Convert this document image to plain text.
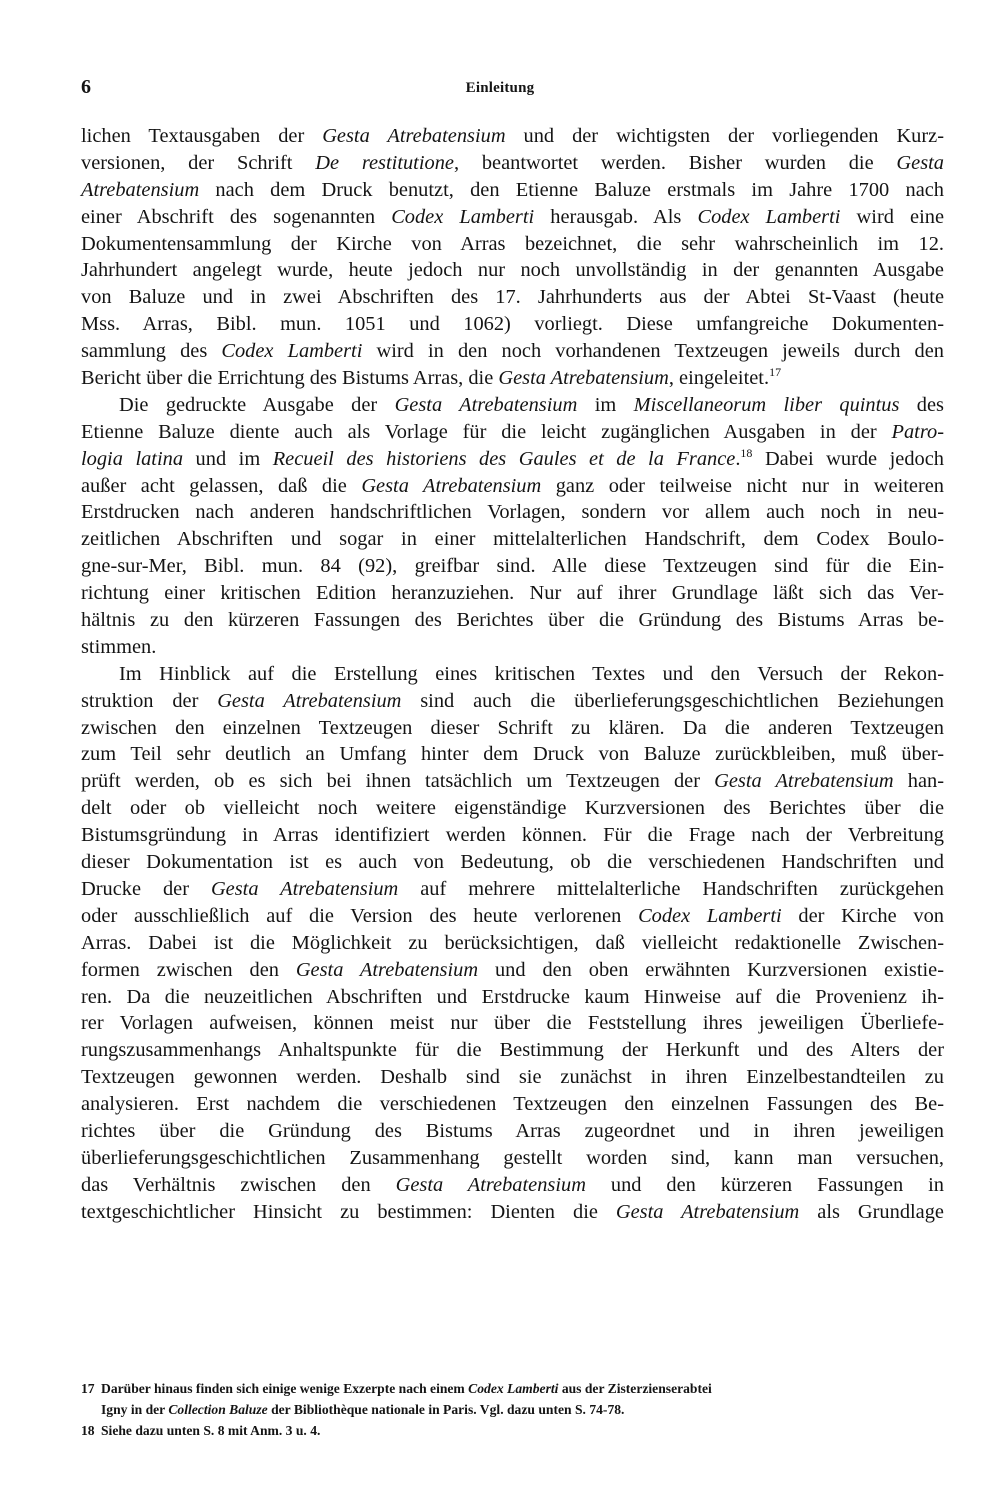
6	Einleitung
lichen Textausgaben der Gesta Atrebatensium und der wichtigsten der vorliegenden Kurz-
versionen, der Schrift De restitutione, beantwortet werden. Bisher wurden die Gesta
Atrebatensium nach dem Druck benutzt, den Etienne Baluze erstmals im Jahre 1700 nach
einer Abschrift des sogenannten Codex Lamberti herausgab. Als Codex Lamberti wird eine
Dokumentensammlung der Kirche von Arras bezeichnet, die sehr wahrscheinlich im 12.
Jahrhundert angelegt wurde, heute jedoch nur noch unvollständig in der genannten Ausgabe
von Baluze und in zwei Abschriften des 17. Jahrhunderts aus der Abtei St-Vaast (heute
Mss. Arras, Bibl. mun. 1051 und 1062) vorliegt. Diese umfangreiche Dokumenten-
sammlung des Codex Lamberti wird in den noch vorhandenen Textzeugen jeweils durch den
Bericht über die Errichtung des Bistums Arras, die Gesta Atrebatensium, eingeleitet.$^{17}$
Die gedruckte Ausgabe der Gesta Atrebatensium im Miscellaneorum liber quintus des
Etienne Baluze diente auch als Vorlage für die leicht zugänglichen Ausgaben in der Patro-
logia latina und im Recueil des historiens des Gaules et de la France.$^{18}$ Dabei wurde jedoch
außer acht gelassen, daß die Gesta Atrebatensium ganz oder teilweise nicht nur in weiteren
Erstdrucken nach anderen handschriftlichen Vorlagen, sondern vor allem auch noch in neu-
zeitlichen Abschriften und sogar in einer mittelalterlichen Handschrift, dem Codex Boulo-
gne-sur-Mer, Bibl. mun. 84 (92), greifbar sind. Alle diese Textzeugen sind für die Ein-
richtung einer kritischen Edition heranzuziehen. Nur auf ihrer Grundlage läßt sich das Ver-
hältnis zu den kürzeren Fassungen des Berichtes über die Gründung des Bistums Arras be-
stimmen.
Im Hinblick auf die Erstellung eines kritischen Textes und den Versuch der Rekon-
struktion der Gesta Atrebatensium sind auch die überlieferungsgeschichtlichen Beziehungen
zwischen den einzelnen Textzeugen dieser Schrift zu klären. Da die anderen Textzeugen
zum Teil sehr deutlich an Umfang hinter dem Druck von Baluze zurückbleiben, muß über-
prüft werden, ob es sich bei ihnen tatsächlich um Textzeugen der Gesta Atrebatensium han-
delt oder ob vielleicht noch weitere eigenständige Kurzversionen des Berichtes über die
Bistumsgründung in Arras identifiziert werden können. Für die Frage nach der Verbreitung
dieser Dokumentation ist es auch von Bedeutung, ob die verschiedenen Handschriften und
Drucke der Gesta Atrebatensium auf mehrere mittelalterliche Handschriften zurückgehen
oder ausschließlich auf die Version des heute verlorenen Codex Lamberti der Kirche von
Arras. Dabei ist die Möglichkeit zu berücksichtigen, daß vielleicht redaktionelle Zwischen-
formen zwischen den Gesta Atrebatensium und den oben erwähnten Kurzversionen existie-
ren. Da die neuzeitlichen Abschriften und Erstdrucke kaum Hinweise auf die Provenienz ih-
rer Vorlagen aufweisen, können meist nur über die Feststellung ihres jeweiligen Überliefe-
rungszusammenhangs Anhaltspunkte für die Bestimmung der Herkunft und des Alters der
Textzeugen gewonnen werden. Deshalb sind sie zunächst in ihren Einzelbestandteilen zu
analysieren. Erst nachdem die verschiedenen Textzeugen den einzelnen Fassungen des Be-
richtes über die Gründung des Bistums Arras zugeordnet und in ihren jeweiligen
überlieferungsgeschichtlichen Zusammenhang gestellt worden sind, kann man versuchen,
das Verhältnis zwischen den Gesta Atrebatensium und den kürzeren Fassungen in
textgeschichtlicher Hinsicht zu bestimmen: Dienten die Gesta Atrebatensium als Grundlage
17 Darüber hinaus finden sich einige wenige Exzerpte nach einem Codex Lamberti aus der Zisterzienserabtei
Igny in der Collection Baluze der Bibliothèque nationale in Paris. Vgl. dazu unten S. 74-78.
18 Siehe dazu unten S. 8 mit Anm. 3 u. 4.
